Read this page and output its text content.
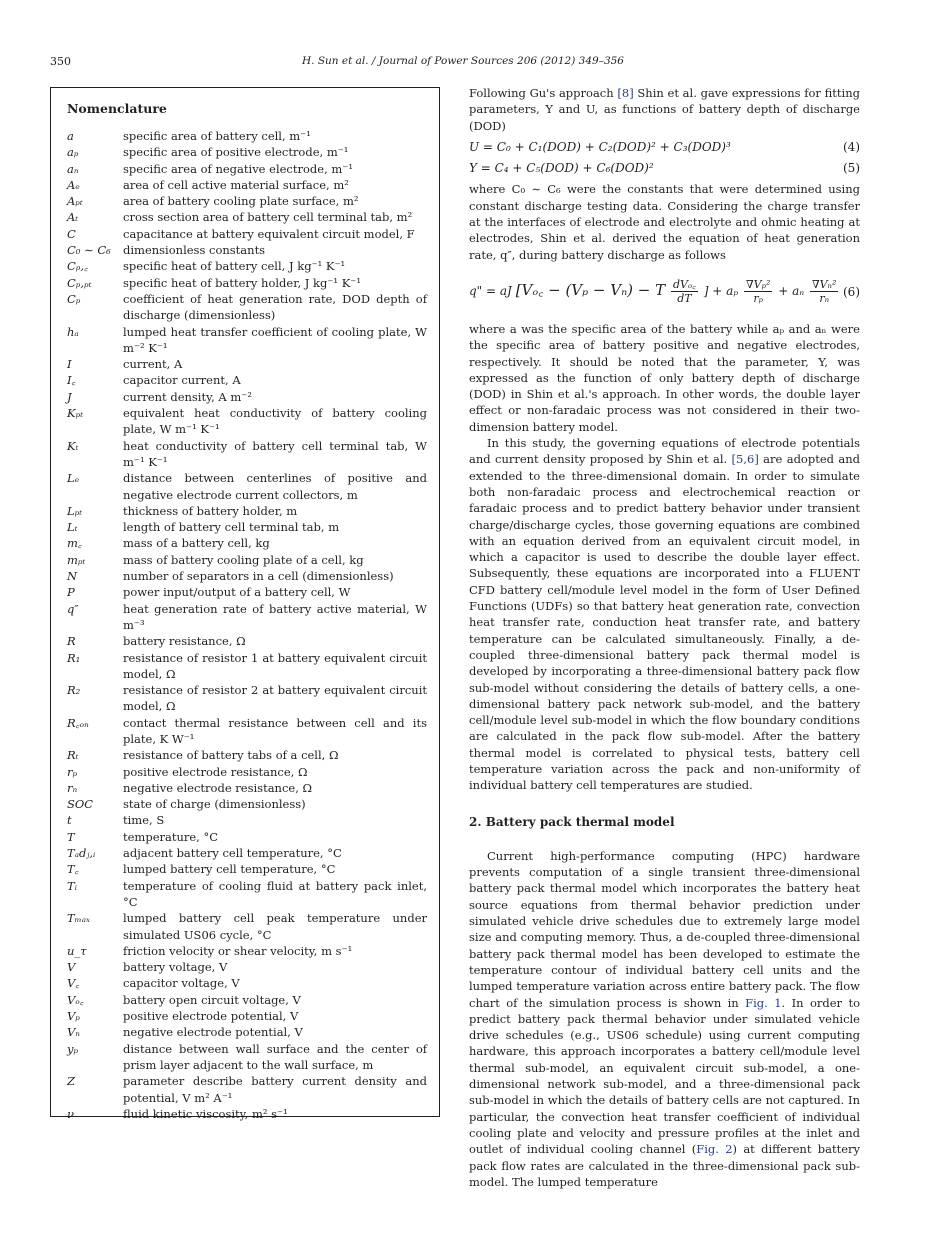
350	H. Sun et al. / Journal of Power Sources 206 (2012) 349–356
Nomenclature
a	specific area of battery cell, m⁻¹
aₚ	specific area of positive electrode, m⁻¹
aₙ	specific area of negative electrode, m⁻¹
Aₑ	area of cell active material surface, m²
Aₚₜ	area of battery cooling plate surface, m²
Aₜ	cross section area of battery cell terminal tab, m²
C	capacitance at battery equivalent circuit model, F
C₀ ∼ C₆	dimensionless constants
Cₚ,꜀	specific heat of battery cell, J kg⁻¹ K⁻¹
Cₚ,ₚₜ	specific heat of battery holder, J kg⁻¹ K⁻¹
Cₚ	coefficient of heat generation rate, DOD depth of discharge (dimensionless)
hₐ	lumped heat transfer coefficient of cooling plate, W m⁻² K⁻¹
I	current, A
I꜀	capacitor current, A
J	current density, A m⁻²
Kₚₜ	equivalent heat conductivity of battery cooling plate, W m⁻¹ K⁻¹
Kₜ	heat conductivity of battery cell terminal tab, W m⁻¹ K⁻¹
Lₑ	distance between centerlines of positive and negative electrode current collectors, m
Lₚₜ	thickness of battery holder, m
Lₜ	length of battery cell terminal tab, m
m꜀	mass of a battery cell, kg
mₚₜ	mass of battery cooling plate of a cell, kg
N	number of separators in a cell (dimensionless)
P	power input/output of a battery cell, W
q″	heat generation rate of battery active material, W m⁻³
R	battery resistance, Ω
R₁	resistance of resistor 1 at battery equivalent circuit model, Ω
R₂	resistance of resistor 2 at battery equivalent circuit model, Ω
R꜀ₒₙ	contact thermal resistance between cell and its plate, K W⁻¹
Rₜ	resistance of battery tabs of a cell, Ω
rₚ	positive electrode resistance, Ω
rₙ	negative electrode resistance, Ω
SOC	state of charge (dimensionless)
t	time, S
T	temperature, °C
Tₐdⱼ,ᵢ	adjacent battery cell temperature, °C
T꜀	lumped battery cell temperature, °C
Tᵢ	temperature of cooling fluid at battery pack inlet, °C
Tₘₐₓ	lumped battery cell peak temperature under simulated US06 cycle, °C
u_τ	friction velocity or shear velocity, m s⁻¹
V	battery voltage, V
V꜀	capacitor voltage, V
Vₒ꜀	battery open circuit voltage, V
Vₚ	positive electrode potential, V
Vₙ	negative electrode potential, V
yₚ	distance between wall surface and the center of prism layer adjacent to the wall surface, m
Z	parameter describe battery current density and potential, V m² A⁻¹
ν	fluid kinetic viscosity, m² s⁻¹

Following Gu's approach [8] Shin et al. gave expressions for fitting parameters, Y and U, as functions of battery depth of discharge (DOD)

U = C₀ + C₁(DOD) + C₂(DOD)² + C₃(DOD)³	(4)
Y = C₄ + C₅(DOD) + C₆(DOD)²	(5)

where C₀ ∼ C₆ were the constants that were determined using constant discharge testing data. Considering the charge transfer at the interfaces of electrode and electrolyte and ohmic heating at electrodes, Shin et al. derived the equation of heat generation rate, q″, during battery discharge as follows

q" = aJ [Vₒ꜀ − (Vₚ − Vₙ) − T $\frac{\text{dVₒ꜀}}{dT}$ ] + aₚ $\frac{\text{∇Vₚ²}}{\text{rₚ}} + a_n \frac{\text{∇Vₙ²}}{\text{rₙ}} (6)$

where a was the specific area of the battery while aₚ and aₙ were the specific area of battery positive and negative electrodes, respectively. It should be noted that the parameter, Y, was expressed as the function of only battery depth of discharge (DOD) in Shin et al.'s approach. In other words, the double layer effect or non-faradaic process was not considered in their two-dimension battery model.

In this study, the governing equations of electrode potentials and current density proposed by Shin et al. [5,6] are adopted and extended to the three-dimensional domain. In order to simulate both non-faradaic process and electrochemical reaction or faradaic process and to predict battery behavior under transient charge/discharge cycles, those governing equations are combined with an equation derived from an equivalent circuit model, in which a capacitor is used to describe the double layer effect. Subsequently, these equations are incorporated into a FLUENT CFD battery cell/module level model in the form of User Defined Functions (UDFs) so that battery heat generation rate, convection heat transfer rate, conduction heat transfer rate, and battery temperature can be calculated simultaneously. Finally, a de-coupled three-dimensional battery pack thermal model is developed by incorporating a three-dimensional battery pack flow sub-model without considering the details of battery cells, a one-dimensional battery pack network sub-model, and the battery cell/module level sub-model in which the flow boundary conditions are calculated in the pack flow sub-model. After the battery thermal model is correlated to physical tests, battery cell temperature variation across the pack and non-uniformity of individual battery cell temperatures are studied.

2. Battery pack thermal model

Current high-performance computing (HPC) hardware prevents computation of a single transient three-dimensional battery pack thermal model which incorporates the battery heat source equations from thermal behavior prediction under simulated vehicle drive schedules due to extremely large model size and computing memory. Thus, a de-coupled three-dimensional battery pack thermal model has been developed to estimate the temperature contour of individual battery cell units and the lumped temperature variation across entire battery pack. The flow chart of the simulation process is shown in Fig. 1. In order to predict battery pack thermal behavior under simulated vehicle drive schedules (e.g., US06 schedule) using current computing hardware, this approach incorporates a battery cell/module level thermal sub-model, an equivalent circuit sub-model, a one-dimensional network sub-model, and a three-dimensional pack sub-model in which the details of battery cells are not captured. In particular, the convection heat transfer coefficient of individual cooling plate and velocity and pressure profiles at the inlet and outlet of individual cooling channel (Fig. 2) at different battery pack flow rates are calculated in the three-dimensional pack sub-model. The lumped temperature
